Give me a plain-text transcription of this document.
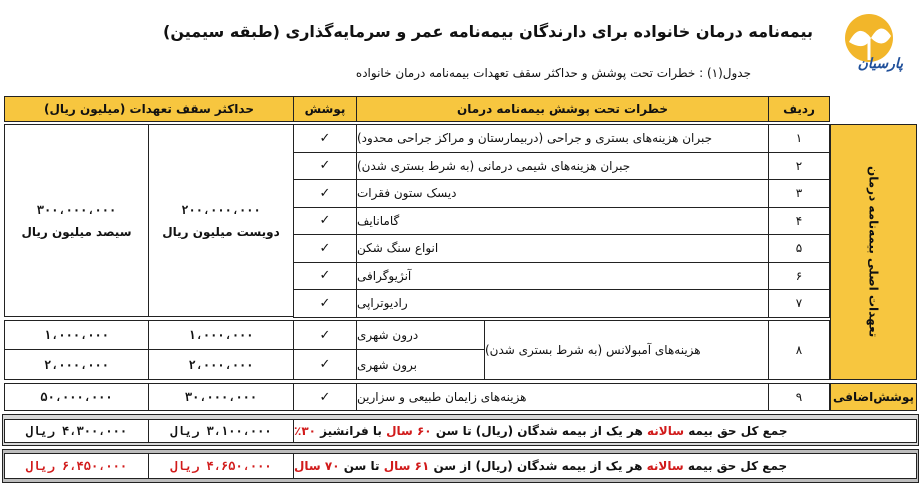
بیمه‌نامه درمان خانواده برای دارندگان بیمه‌نامه عمر و سرمایه‌گذاری (طبقه سیمین)
جدول(۱) : خطرات تحت پوشش و حداکثر سقف تعهدات بیمه‌نامه درمان خانواده
پارسیان
ردیف
خطرات تحت پوشش بیمه‌نامه درمان
پوشش
حداکثر سقف تعهدات (میلیون ریال)
تعهدات اصلی بیمه‌نامه درمان
۱
جبران هزینه‌های بستری و جراحی (دربیمارستان و مراکز جراحی محدود)
✓
۲
جبران هزینه‌های شیمی درمانی (به شرط بستری شدن)
✓
۳
دیسک ستون فقرات
✓
۴
گامانایف
✓
۵
انواع سنگ شکن
✓
۶
آنژیوگرافی
✓
۷
رادیوتراپی
✓
۲۰۰،۰۰۰،۰۰۰
دویست میلیون ریال
۳۰۰،۰۰۰،۰۰۰
سیصد میلیون ریال
۸
هزینه‌های آمبولانس (به شرط بستری شدن)
درون شهری
برون شهری
✓
✓
۱،۰۰۰،۰۰۰
۱،۰۰۰،۰۰۰
۲،۰۰۰،۰۰۰
۲،۰۰۰،۰۰۰
پوشش‌اضافی
۹
هزینه‌های زایمان طبیعی و سزارین
✓
۳۰،۰۰۰،۰۰۰
۵۰،۰۰۰،۰۰۰
جمع کل حق بیمه سالانه هر یک از بیمه شدگان (ریال) تا سن ۶۰ سال با فرانشیز ۳۰٪
۳،۱۰۰،۰۰۰ ریال
۴،۳۰۰،۰۰۰ ریال
جمع کل حق بیمه سالانه هر یک از بیمه شدگان (ریال) از سن ۶۱ سال تا سن ۷۰ سال
۴،۶۵۰،۰۰۰ ریال
۶،۴۵۰،۰۰۰ ریال
